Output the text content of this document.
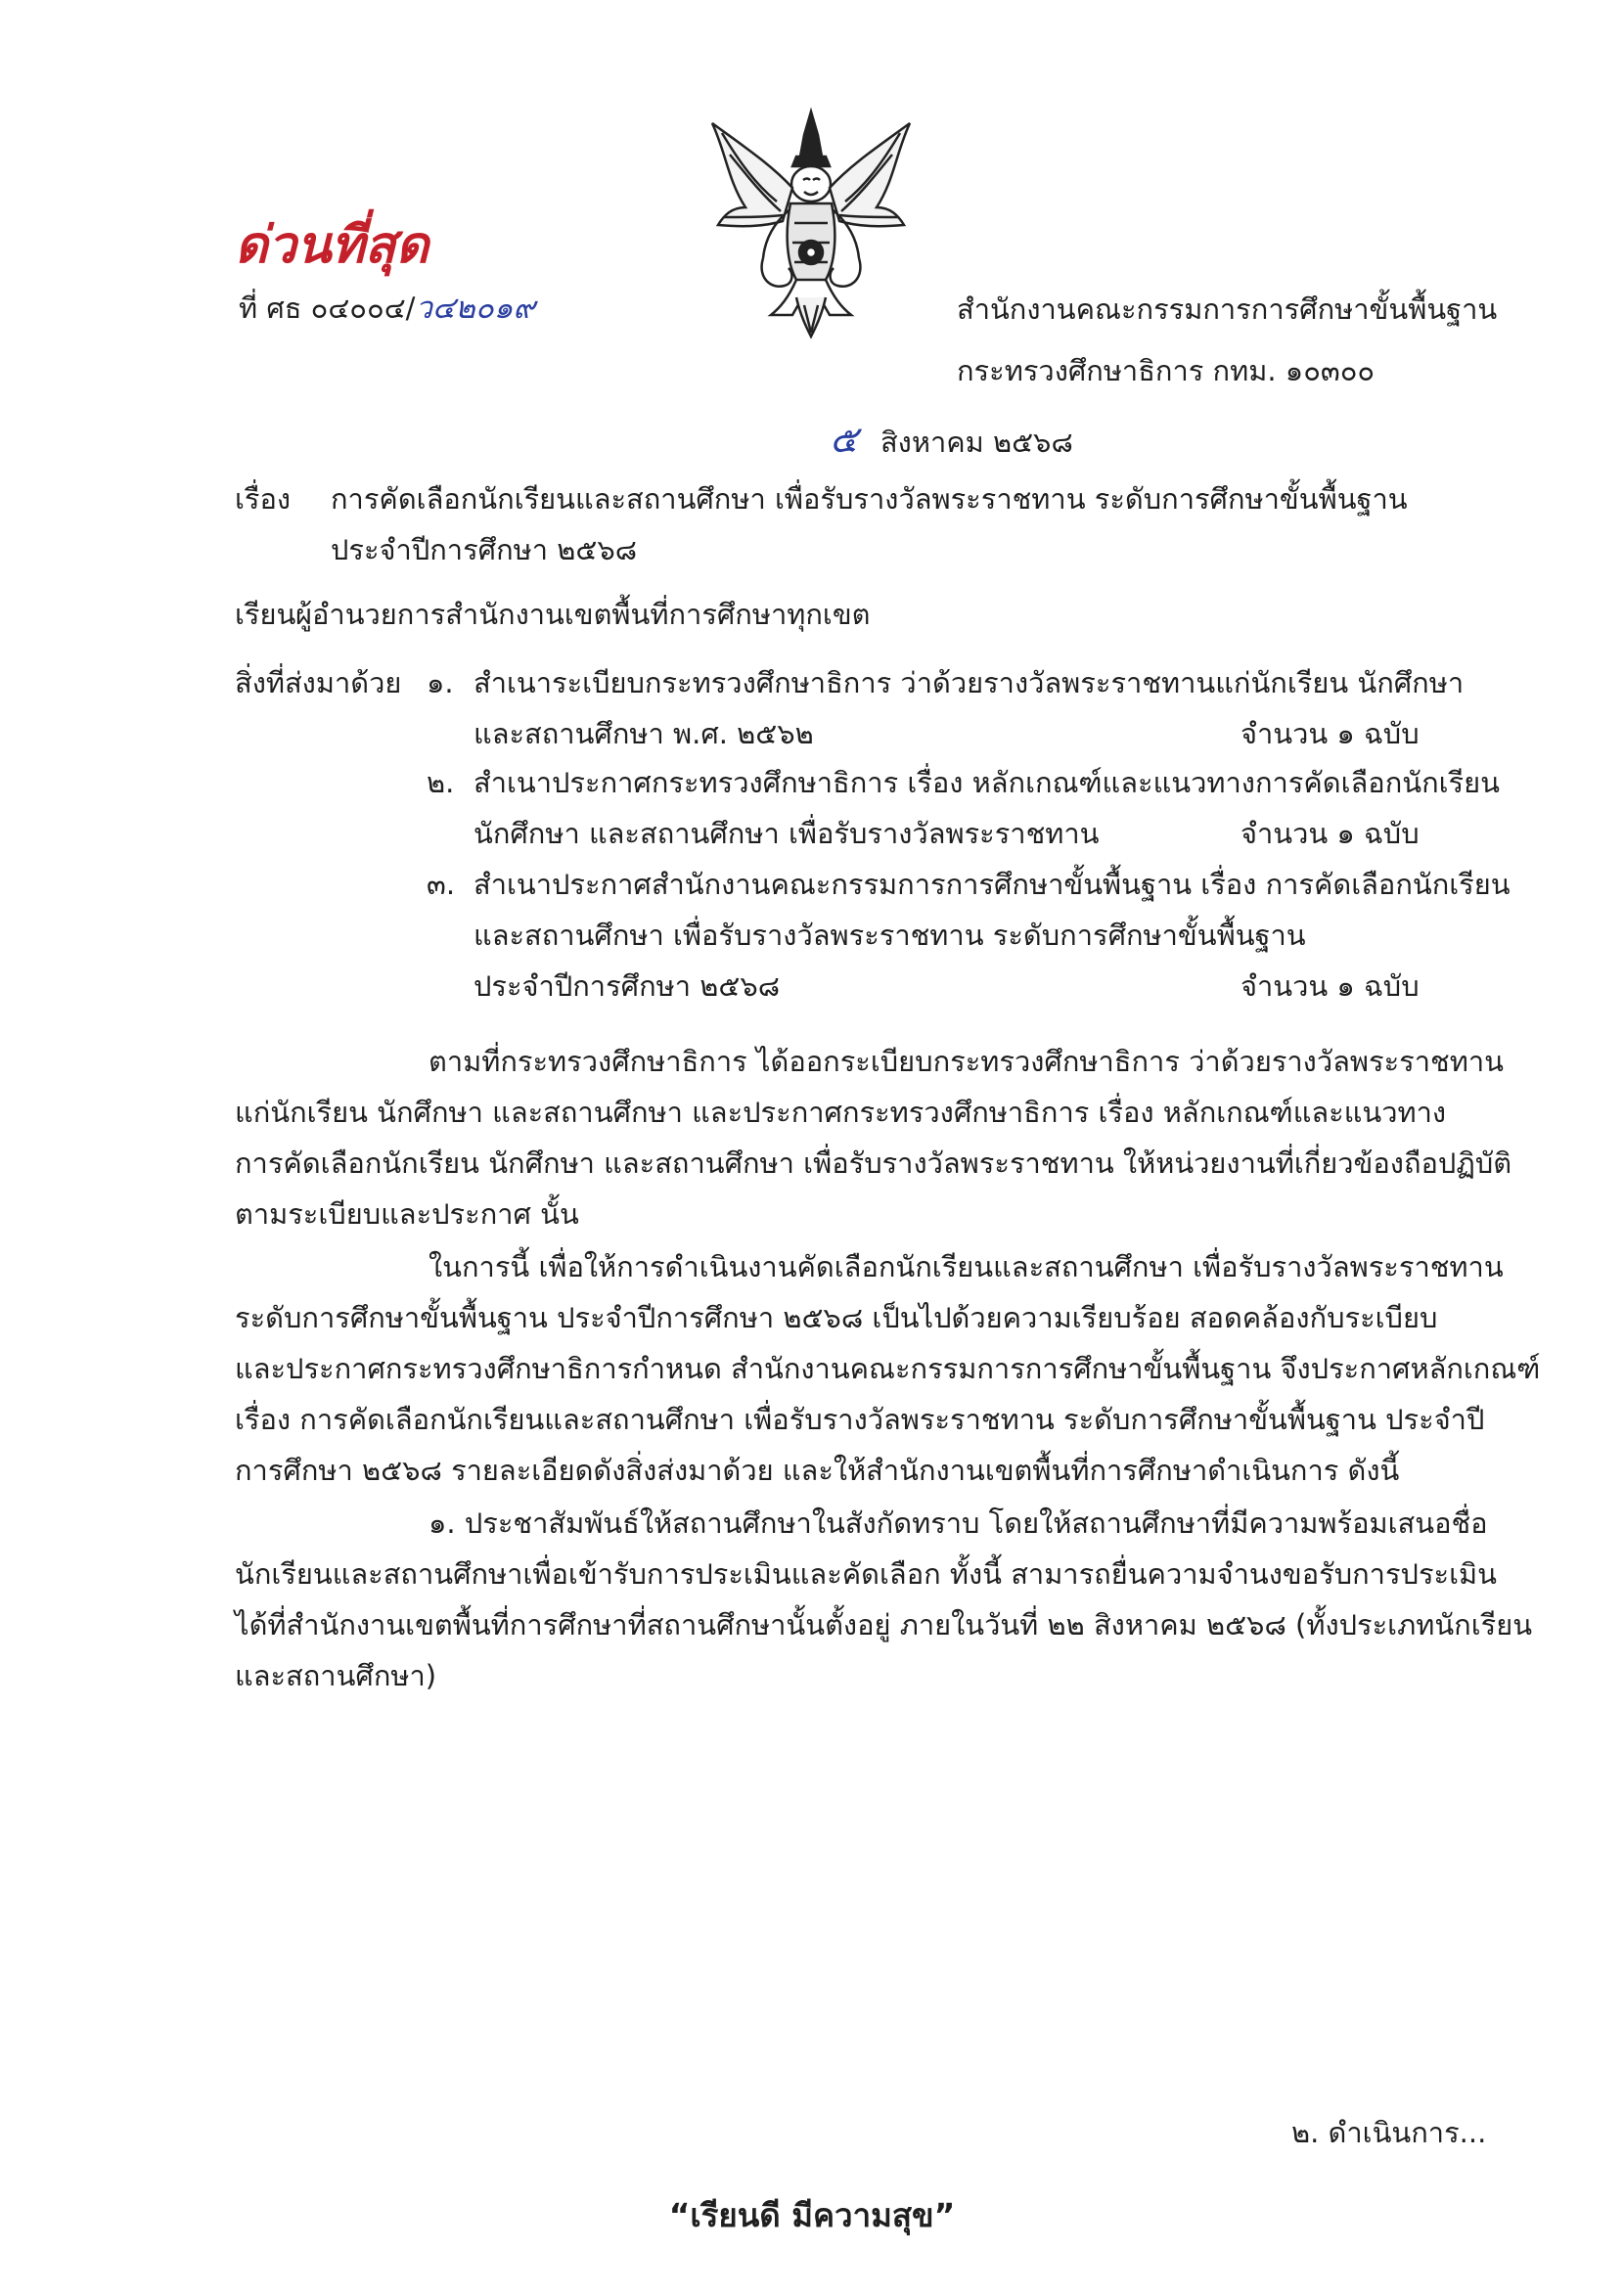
ด่วนที่สุด
ที่ ศธ ๐๔๐๐๔/ว๔๒๐๑๙	สำนักงานคณะกรรมการการศึกษาขั้นพื้นฐาน
กระทรวงศึกษาธิการ กทม. ๑๐๓๐๐
๕ สิงหาคม ๒๕๖๘
เรื่อง การคัดเลือกนักเรียนและสถานศึกษา เพื่อรับรางวัลพระราชทาน ระดับการศึกษาขั้นพื้นฐาน
ประจำปีการศึกษา ๒๕๖๘
เรียน ผู้อำนวยการสำนักงานเขตพื้นที่การศึกษาทุกเขต
สิ่งที่ส่งมาด้วย ๑. สำเนาระเบียบกระทรวงศึกษาธิการ ว่าด้วยรางวัลพระราชทานแก่นักเรียน นักศึกษา
และสถานศึกษา พ.ศ. ๒๕๖๒	จำนวน ๑ ฉบับ
๒. สำเนาประกาศกระทรวงศึกษาธิการ เรื่อง หลักเกณฑ์และแนวทางการคัดเลือกนักเรียน
นักศึกษา และสถานศึกษา เพื่อรับรางวัลพระราชทาน	จำนวน ๑ ฉบับ
๓. สำเนาประกาศสำนักงานคณะกรรมการการศึกษาขั้นพื้นฐาน เรื่อง การคัดเลือกนักเรียน
และสถานศึกษา เพื่อรับรางวัลพระราชทาน ระดับการศึกษาขั้นพื้นฐาน
ประจำปีการศึกษา ๒๕๖๘	จำนวน ๑ ฉบับ
ตามที่กระทรวงศึกษาธิการ ได้ออกระเบียบกระทรวงศึกษาธิการ ว่าด้วยรางวัลพระราชทาน
แก่นักเรียน นักศึกษา และสถานศึกษา และประกาศกระทรวงศึกษาธิการ เรื่อง หลักเกณฑ์และแนวทาง
การคัดเลือกนักเรียน นักศึกษา และสถานศึกษา เพื่อรับรางวัลพระราชทาน ให้หน่วยงานที่เกี่ยวข้องถือปฏิบัติ
ตามระเบียบและประกาศ นั้น
ในการนี้ เพื่อให้การดำเนินงานคัดเลือกนักเรียนและสถานศึกษา เพื่อรับรางวัลพระราชทาน
ระดับการศึกษาขั้นพื้นฐาน ประจำปีการศึกษา ๒๕๖๘ เป็นไปด้วยความเรียบร้อย สอดคล้องกับระเบียบ
และประกาศกระทรวงศึกษาธิการกำหนด สำนักงานคณะกรรมการการศึกษาขั้นพื้นฐาน จึงประกาศหลักเกณฑ์
เรื่อง การคัดเลือกนักเรียนและสถานศึกษา เพื่อรับรางวัลพระราชทาน ระดับการศึกษาขั้นพื้นฐาน ประจำปี
การศึกษา ๒๕๖๘ รายละเอียดดังสิ่งส่งมาด้วย และให้สำนักงานเขตพื้นที่การศึกษาดำเนินการ ดังนี้
๑. ประชาสัมพันธ์ให้สถานศึกษาในสังกัดทราบ โดยให้สถานศึกษาที่มีความพร้อมเสนอชื่อ
นักเรียนและสถานศึกษาเพื่อเข้ารับการประเมินและคัดเลือก ทั้งนี้ สามารถยื่นความจำนงขอรับการประเมิน
ได้ที่สำนักงานเขตพื้นที่การศึกษาที่สถานศึกษานั้นตั้งอยู่ ภายในวันที่ ๒๒ สิงหาคม ๒๕๖๘ (ทั้งประเภทนักเรียน
และสถานศึกษา)
๒. ดำเนินการ...
“เรียนดี มีความสุข”
